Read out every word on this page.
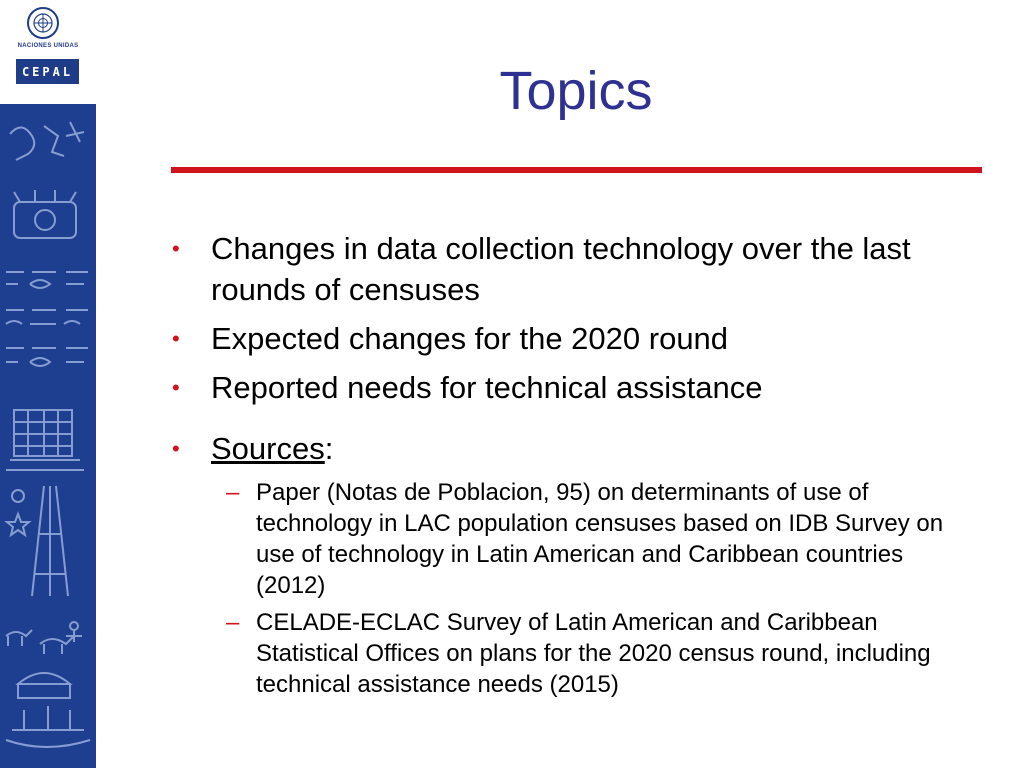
NACIONES UNIDAS
CEPAL	Topics
• Changes in data collection technology over the last rounds of censuses
• Expected changes for the 2020 round
• Reported needs for technical assistance
• Sources:
– Paper (Notas de Poblacion, 95) on determinants of use of technology in LAC population censuses based on IDB Survey on use of technology in Latin American and Caribbean countries (2012)
– CELADE-ECLAC Survey of Latin American and Caribbean Statistical Offices on plans for the 2020 census round, including technical assistance needs (2015)
